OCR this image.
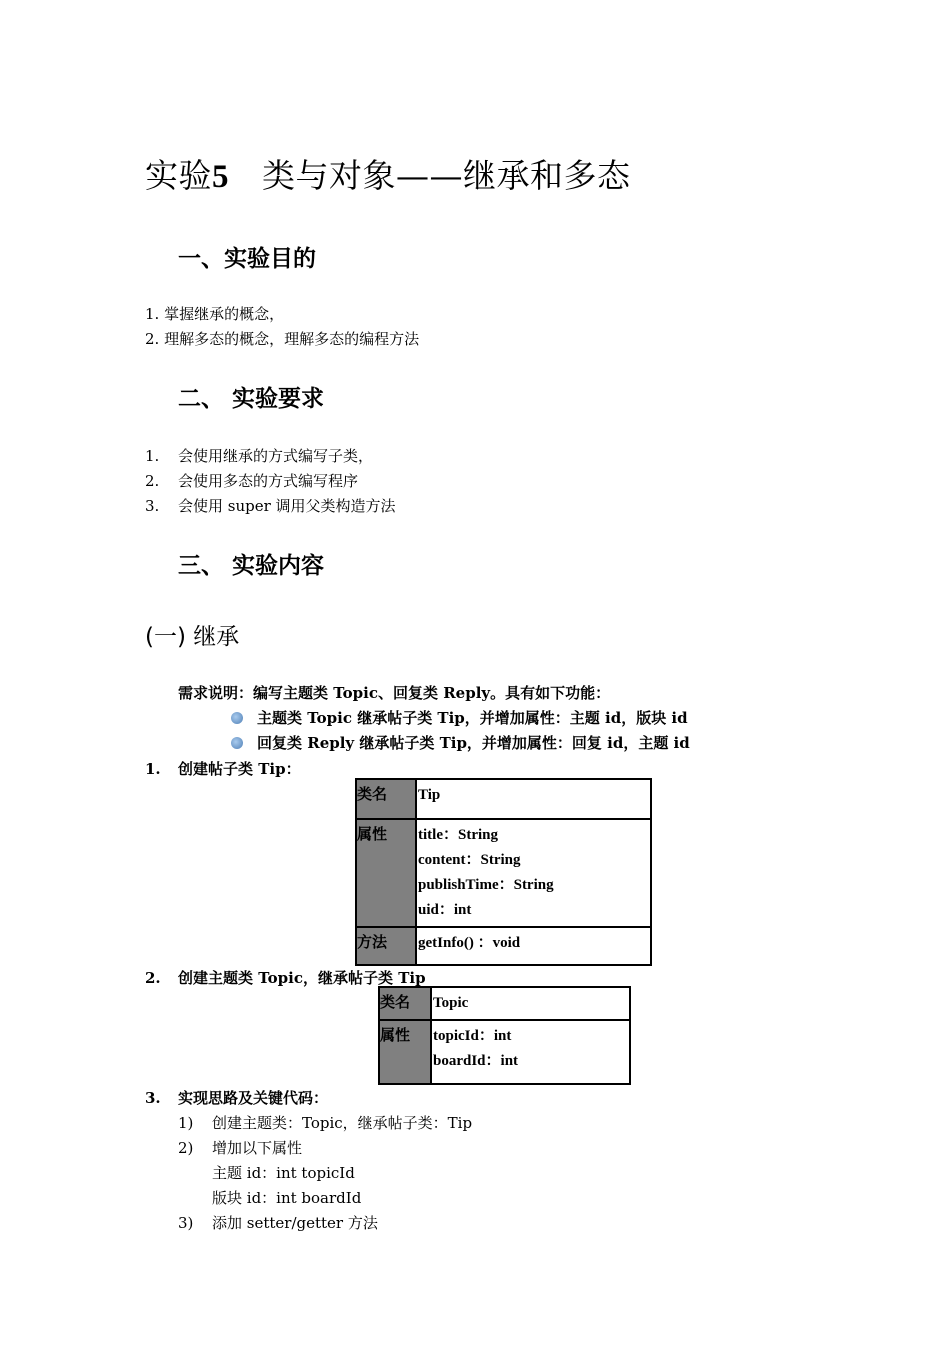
实验5 类与对象——继承和多态
一、实验目的
1. 掌握继承的概念，
2. 理解多态的概念，理解多态的编程方法
二、 实验要求
1. 会使用继承的方式编写子类，
2. 会使用多态的方式编写程序
3. 会使用 super 调用父类构造方法
三、 实验内容
(一) 继承
需求说明：编写主题类 Topic、回复类 Reply。具有如下功能：
主题类 Topic 继承帖子类 Tip，并增加属性：主题 id，版块 id
回复类 Reply 继承帖子类 Tip，并增加属性：回复 id，主题 id
1. 创建帖子类 Tip：
类名	Tip
属性	title：String
content：String
publishTime：String
uid：int

方法	getInfo() ：void
2. 创建主题类 Topic，继承帖子类 Tip
类名	Topic
属性	topicId：int
boardId：int
3. 实现思路及关键代码：
1) 创建主题类：Topic，继承帖子类：Tip
2) 增加以下属性
主题 id：int topicId
版块 id：int boardId
3) 添加 setter/getter 方法
